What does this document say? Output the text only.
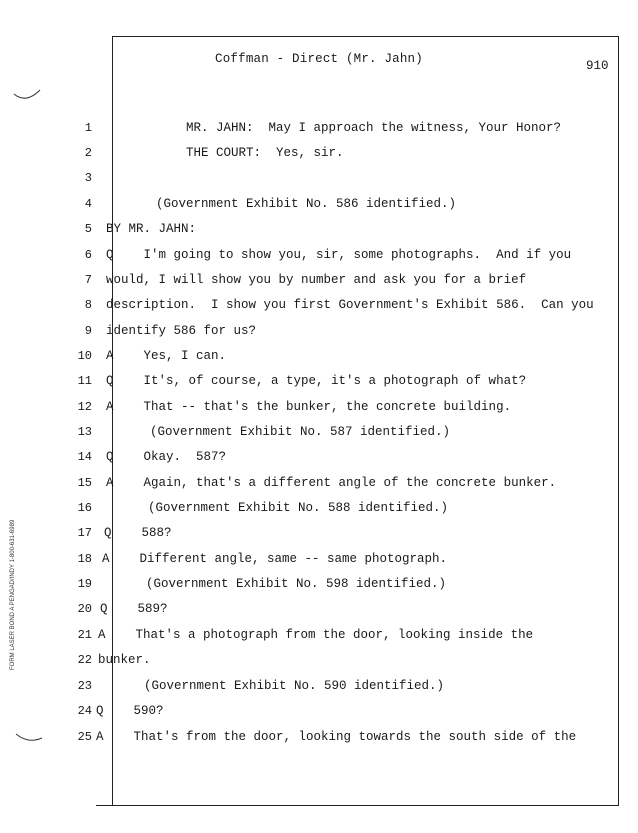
Coffman - Direct (Mr. Jahn)	910
FORM LASER BOND A PENGAD/INDY 1-800-631-6989
1	MR. JAHN:  May I approach the witness, Your Honor?
2	THE COURT:  Yes, sir.
3
4	(Government Exhibit No. 586 identified.)
5 BY MR. JAHN:
6 Q    I'm going to show you, sir, some photographs.  And if you
7 would, I will show you by number and ask you for a brief
8 description.  I show you first Government's Exhibit 586.  Can you
9 identify 586 for us?
10 A    Yes, I can.
11 Q    It's, of course, a type, it's a photograph of what?
12 A    That -- that's the bunker, the concrete building.
13	(Government Exhibit No. 587 identified.)
14 Q    Okay.  587?
15 A    Again, that's a different angle of the concrete bunker.
16	(Government Exhibit No. 588 identified.)
17 Q    588?
18 A    Different angle, same -- same photograph.
19	(Government Exhibit No. 598 identified.)
20 Q    589?
21 A    That's a photograph from the door, looking inside the
22 bunker.
23	(Government Exhibit No. 590 identified.)
24 Q    590?
25 A    That's from the door, looking towards the south side of the
